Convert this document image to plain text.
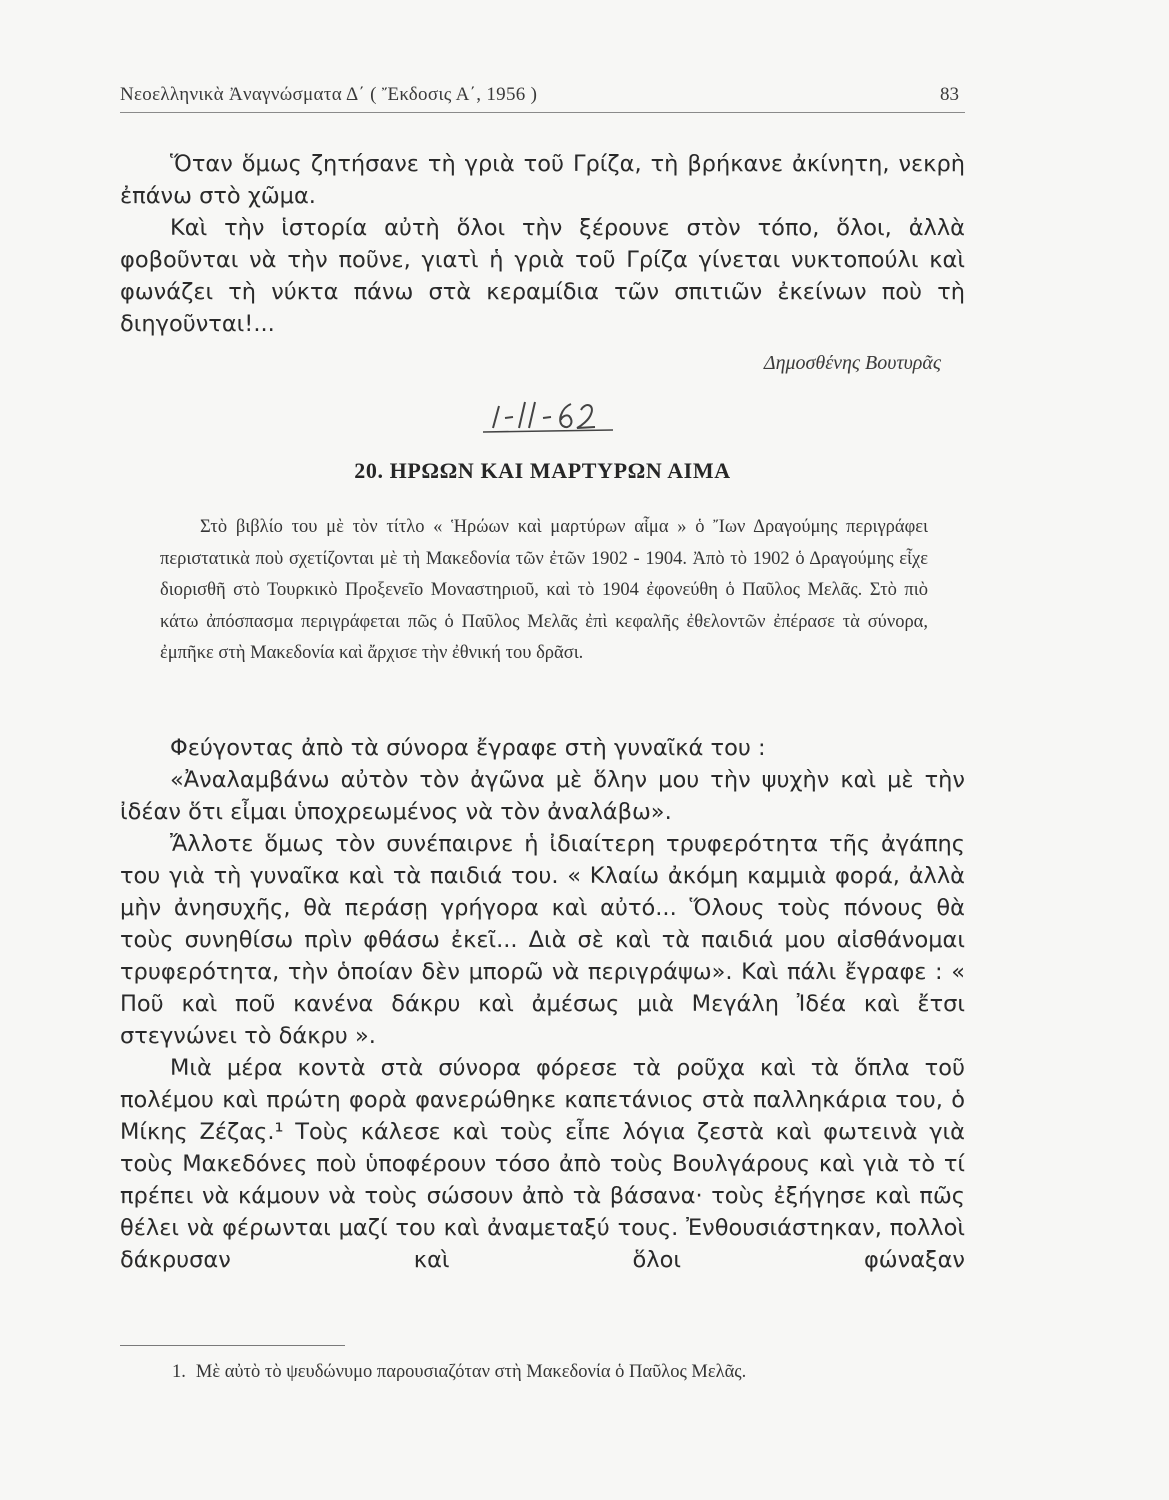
Νεοελληνικὰ Ἀναγνώσματα Δ΄ ( Ἔκδοσις Α΄, 1956 )	83

Ὅταν ὅμως ζητήσανε τὴ γριὰ τοῦ Γρίζα, τὴ βρήκανε ἀκίνητη, νεκρὴ ἐπάνω στὸ χῶμα.

Καὶ τὴν ἱστορία αὐτὴ ὅλοι τὴν ξέρουνε στὸν τόπο, ὅλοι, ἀλλὰ φοβοῦνται νὰ τὴν ποῦνε, γιατὶ ἡ γριὰ τοῦ Γρίζα γίνεται νυκτοπούλι καὶ φωνάζει τὴ νύκτα πάνω στὰ κεραμίδια τῶν σπιτιῶν ἐκείνων ποὺ τὴ διηγοῦνται!...

Δημοσθένης Βουτυρᾶς
20. ΗΡΩΩΝ ΚΑΙ ΜΑΡΤΥΡΩΝ ΑΙΜΑ

Στὸ βιβλίο του μὲ τὸν τίτλο « Ἡρώων καὶ μαρτύρων αἷμα » ὁ Ἴων Δραγούμης περιγράφει περιστατικὰ ποὺ σχετίζονται μὲ τὴ Μακεδονία τῶν ἐτῶν 1902 - 1904. Ἀπὸ τὸ 1902 ὁ Δραγούμης εἶχε διορισθῆ στὸ Τουρκικὸ Προξενεῖο Μοναστηριοῦ, καὶ τὸ 1904 ἐφονεύθη ὁ Παῦλος Μελᾶς. Στὸ πιὸ κάτω ἀπόσπασμα περιγράφεται πῶς ὁ Παῦλος Μελᾶς ἐπὶ κεφαλῆς ἐθελοντῶν ἐπέρασε τὰ σύνορα, ἐμπῆκε στὴ Μακεδονία καὶ ἄρχισε τὴν ἐθνική του δρᾶσι.

Φεύγοντας ἀπὸ τὰ σύνορα ἔγραφε στὴ γυναῖκά του :

«Ἀναλαμβάνω αὐτὸν τὸν ἀγῶνα μὲ ὅλην μου τὴν ψυχὴν καὶ μὲ τὴν ἰδέαν ὅτι εἶμαι ὑποχρεωμένος νὰ τὸν ἀναλάβω».

Ἄλλοτε ὅμως τὸν συνέπαιρνε ἡ ἰδιαίτερη τρυφερότητα τῆς ἀγάπης του γιὰ τὴ γυναῖκα καὶ τὰ παιδιά του. « Κλαίω ἀκόμη καμμιὰ φορά, ἀλλὰ μὴν ἀνησυχῆς, θὰ περάσῃ γρήγορα καὶ αὐτό... Ὅλους τοὺς πόνους θὰ τοὺς συνηθίσω πρὶν φθάσω ἐκεῖ... Διὰ σὲ καὶ τὰ παιδιά μου αἰσθάνομαι τρυφερότητα, τὴν ὁποίαν δὲν μπορῶ νὰ περιγράψω». Καὶ πάλι ἔγραφε : « Ποῦ καὶ ποῦ κανένα δάκρυ καὶ ἀμέσως μιὰ Μεγάλη Ἰδέα καὶ ἔτσι στεγνώνει τὸ δάκρυ ».

Μιὰ μέρα κοντὰ στὰ σύνορα φόρεσε τὰ ροῦχα καὶ τὰ ὅπλα τοῦ πολέμου καὶ πρώτη φορὰ φανερώθηκε καπετάνιος στὰ παλληκάρια του, ὁ Μίκης Ζέζας.¹ Τοὺς κάλεσε καὶ τοὺς εἶπε λόγια ζεστὰ καὶ φωτεινὰ γιὰ τοὺς Μακεδόνες ποὺ ὑποφέρουν τόσο ἀπὸ τοὺς Βουλγάρους καὶ γιὰ τὸ τί πρέπει νὰ κάμουν νὰ τοὺς σώσουν ἀπὸ τὰ βάσανα· τοὺς ἐξήγησε καὶ πῶς θέλει νὰ φέρωνται μαζί του καὶ ἀναμεταξύ τους. Ἐνθουσιάστηκαν, πολλοὶ δάκρυσαν καὶ ὅλοι φώναξαν

1. Μὲ αὐτὸ τὸ ψευδώνυμο παρουσιαζόταν στὴ Μακεδονία ὁ Παῦλος Μελᾶς.
